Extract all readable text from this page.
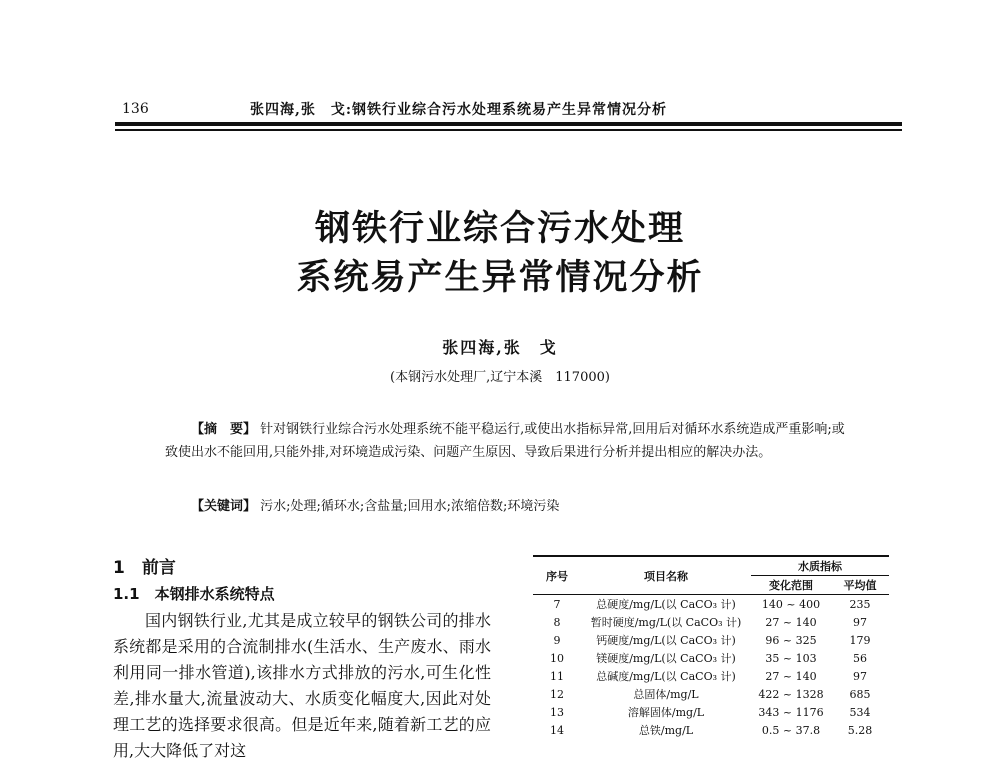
136	张四海,张　戈:钢铁行业综合污水处理系统易产生异常情况分析
钢铁行业综合污水处理
系统易产生异常情况分析
张四海,张　戈
(本钢污水处理厂,辽宁本溪　117000)
【摘　要】 针对钢铁行业综合污水处理系统不能平稳运行,或使出水指标异常,回用后对循环水系统造成严重影响;或致使出水不能回用,只能外排,对环境造成污染、问题产生原因、导致后果进行分析并提出相应的解决办法。
【关键词】 污水;处理;循环水;含盐量;回用水;浓缩倍数;环境污染
1　前言
1.1　本钢排水系统特点
国内钢铁行业,尤其是成立较早的钢铁公司的排水系统都是采用的合流制排水(生活水、生产废水、雨水利用同一排水管道),该排水方式排放的污水,可生化性差,排水量大,流量波动大、水质变化幅度大,因此对处理工艺的选择要求很高。但是近年来,随着新工艺的应用,大大降低了对这
序号	项目名称	水质指标	
		变化范围	平均值
7	总硬度/mg/L(以 CaCO₃ 计)	140 ~ 400	235
8	暂时硬度/mg/L(以 CaCO₃ 计)	27 ~ 140	97
9	钙硬度/mg/L(以 CaCO₃ 计)	96 ~ 325	179
10	镁硬度/mg/L(以 CaCO₃ 计)	35 ~ 103	56
11	总碱度/mg/L(以 CaCO₃ 计)	27 ~ 140	97
12	总固体/mg/L	422 ~ 1328	685
13	溶解固体/mg/L	343 ~ 1176	534
14	总铁/mg/L	0.5 ~ 37.8	5.28
